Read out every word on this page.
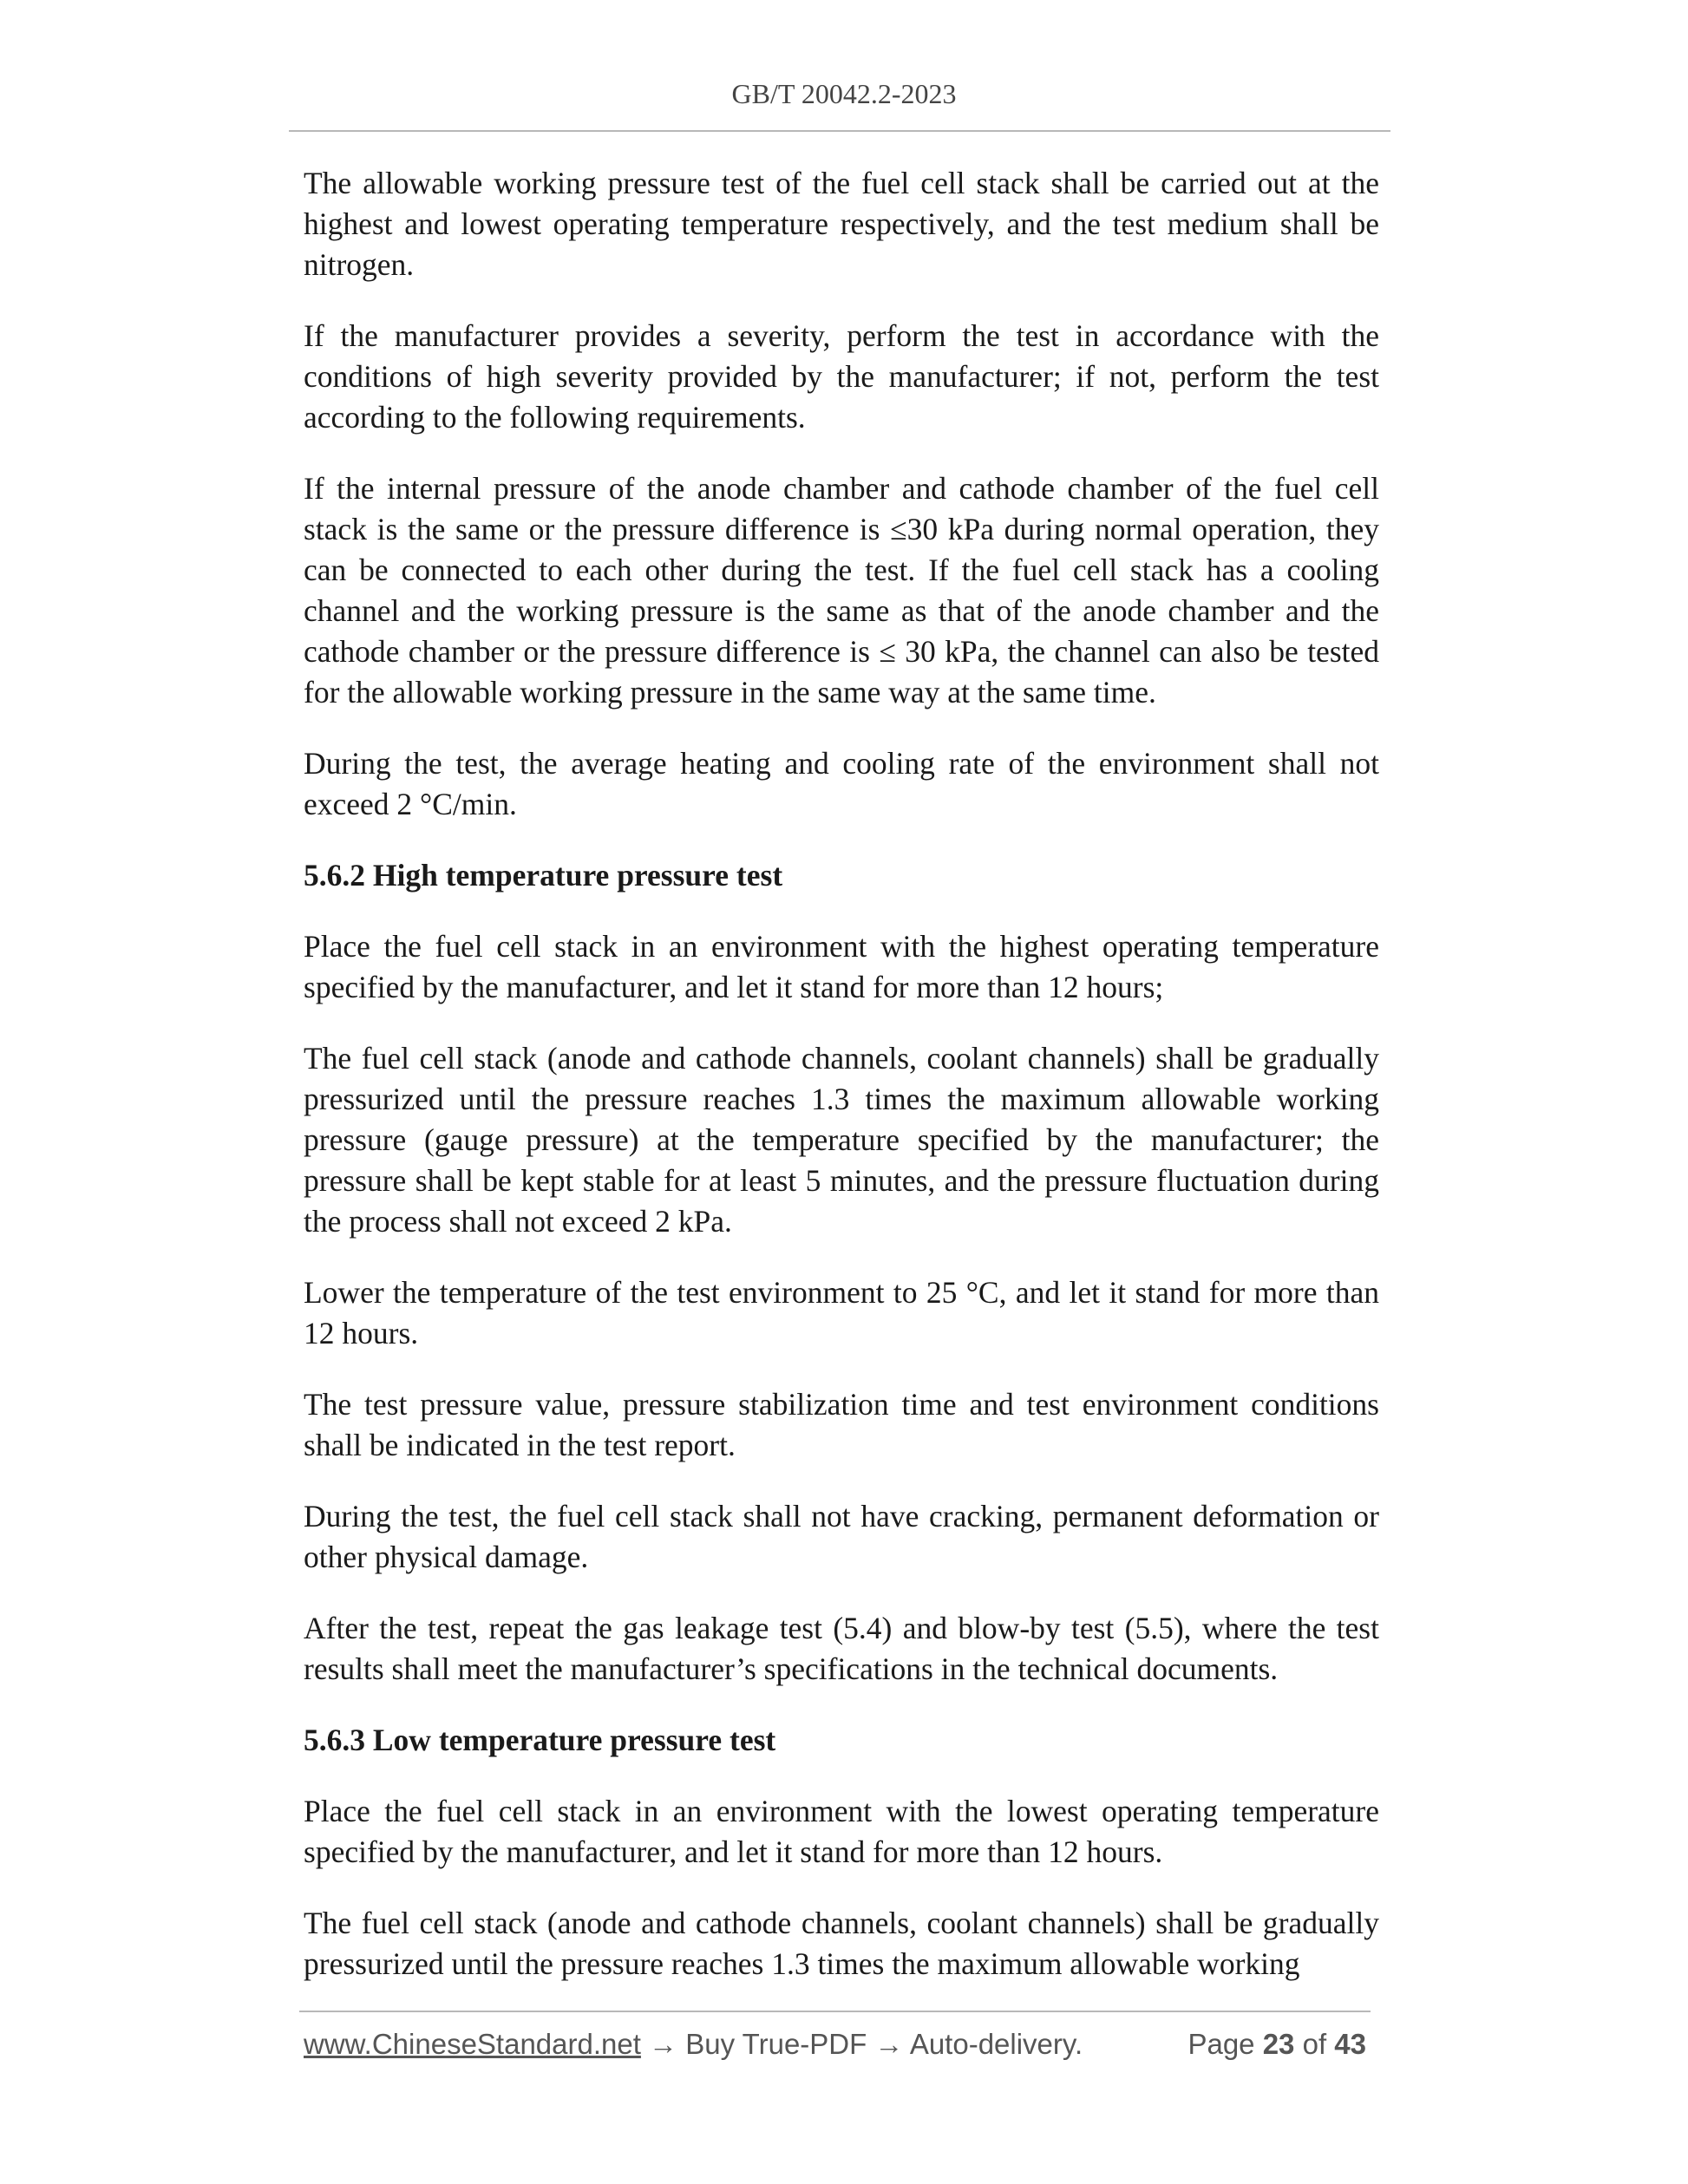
GB/T 20042.2-2023

The allowable working pressure test of the fuel cell stack shall be carried out at the highest and lowest operating temperature respectively, and the test medium shall be nitrogen.

If the manufacturer provides a severity, perform the test in accordance with the conditions of high severity provided by the manufacturer; if not, perform the test according to the following requirements.

If the internal pressure of the anode chamber and cathode chamber of the fuel cell stack is the same or the pressure difference is ≤30 kPa during normal operation, they can be connected to each other during the test. If the fuel cell stack has a cooling channel and the working pressure is the same as that of the anode chamber and the cathode chamber or the pressure difference is ≤ 30 kPa, the channel can also be tested for the allowable working pressure in the same way at the same time.

During the test, the average heating and cooling rate of the environment shall not exceed 2 °C/min.

5.6.2 High temperature pressure test

Place the fuel cell stack in an environment with the highest operating temperature specified by the manufacturer, and let it stand for more than 12 hours;

The fuel cell stack (anode and cathode channels, coolant channels) shall be gradually pressurized until the pressure reaches 1.3 times the maximum allowable working pressure (gauge pressure) at the temperature specified by the manufacturer; the pressure shall be kept stable for at least 5 minutes, and the pressure fluctuation during the process shall not exceed 2 kPa.

Lower the temperature of the test environment to 25 °C, and let it stand for more than 12 hours.

The test pressure value, pressure stabilization time and test environment conditions shall be indicated in the test report.

During the test, the fuel cell stack shall not have cracking, permanent deformation or other physical damage.

After the test, repeat the gas leakage test (5.4) and blow-by test (5.5), where the test results shall meet the manufacturer’s specifications in the technical documents.

5.6.3 Low temperature pressure test

Place the fuel cell stack in an environment with the lowest operating temperature specified by the manufacturer, and let it stand for more than 12 hours.

The fuel cell stack (anode and cathode channels, coolant channels) shall be gradually pressurized until the pressure reaches 1.3 times the maximum allowable working

www.ChineseStandard.net → Buy True-PDF → Auto-delivery.	Page 23 of 43
